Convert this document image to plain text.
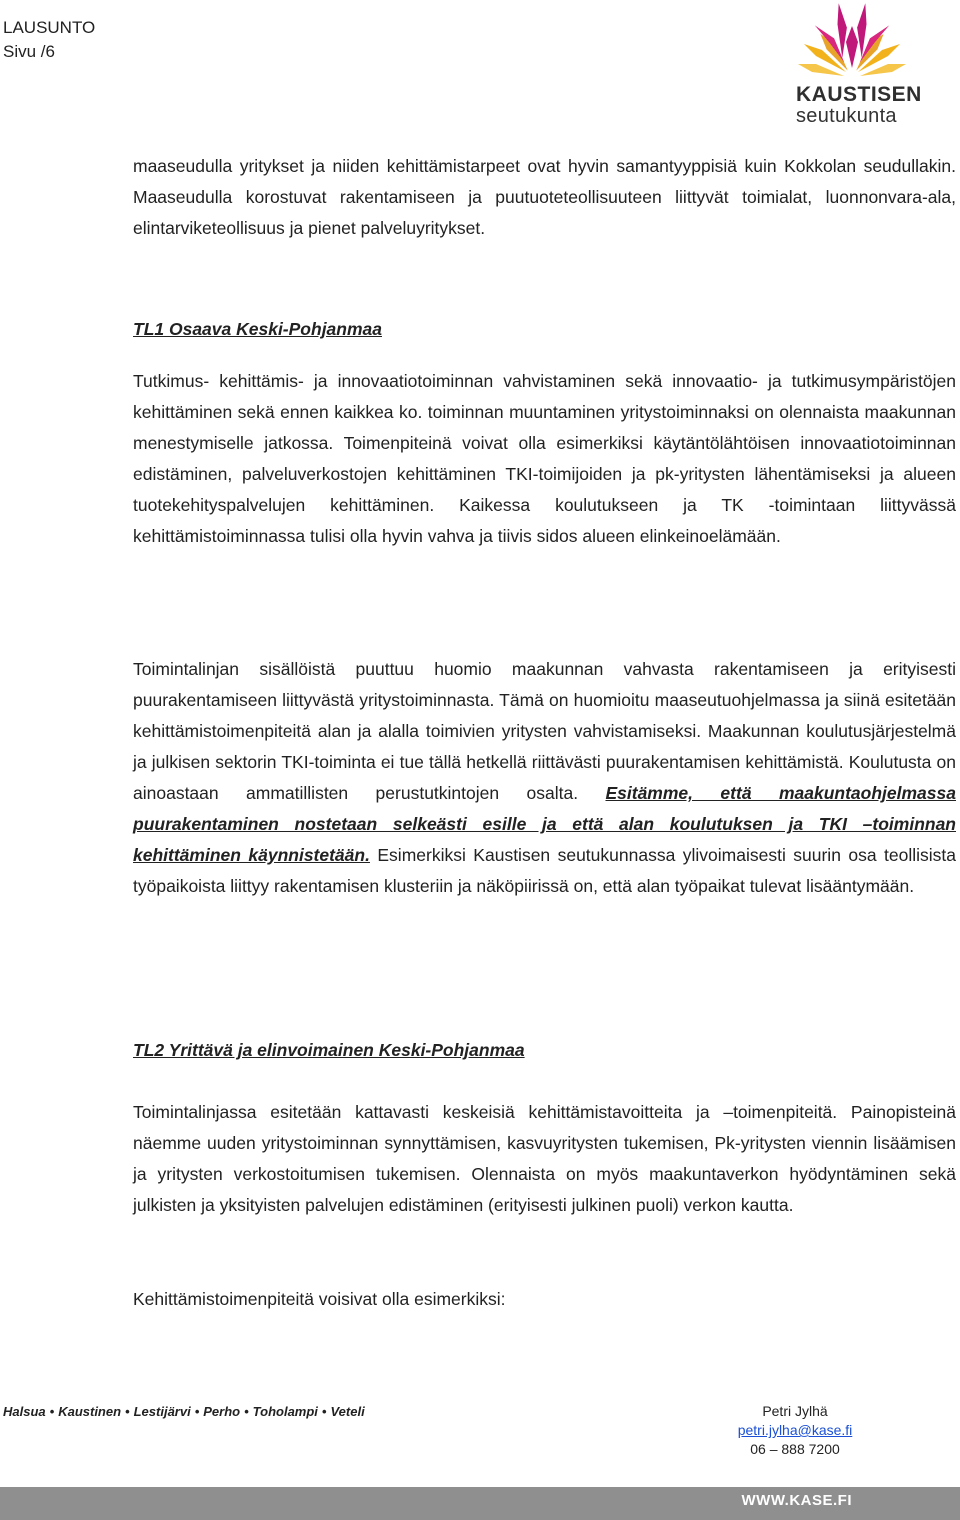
LAUSUNTO
Sivu /6
KAUSTISEN
seutukunta

maaseudulla yritykset ja niiden kehittämistarpeet ovat hyvin samantyyppisiä kuin Kokkolan seudullakin. Maaseudulla korostuvat rakentamiseen ja puutuoteteollisuuteen liittyvät toimialat, luonnonvara-ala, elintarviketeollisuus ja pienet palveluyritykset.

TL1 Osaava Keski-Pohjanmaa

Tutkimus- kehittämis- ja innovaatiotoiminnan vahvistaminen sekä innovaatio- ja tutkimusympäristöjen kehittäminen sekä ennen kaikkea ko. toiminnan muuntaminen yritystoiminnaksi on olennaista maakunnan menestymiselle jatkossa. Toimenpiteinä voivat olla esimerkiksi käytäntölähtöisen innovaatiotoiminnan edistäminen, palveluverkostojen kehittäminen TKI-toimijoiden ja pk-yritysten lähentämiseksi ja alueen tuotekehityspalvelujen kehittäminen. Kaikessa koulutukseen ja TK -toimintaan liittyvässä kehittämistoiminnassa tulisi olla hyvin vahva ja tiivis sidos alueen elinkeinoelämään.

Toimintalinjan sisällöistä puuttuu huomio maakunnan vahvasta rakentamiseen ja erityisesti puurakentamiseen liittyvästä yritystoiminnasta. Tämä on huomioitu maaseutuohjelmassa ja siinä esitetään kehittämistoimenpiteitä alan ja alalla toimivien yritysten vahvistamiseksi. Maakunnan koulutusjärjestelmä ja julkisen sektorin TKI-toiminta ei tue tällä hetkellä riittävästi puurakentamisen kehittämistä. Koulutusta on ainoastaan ammatillisten perustutkintojen osalta. Esitämme, että maakuntaohjelmassa puurakentaminen nostetaan selkeästi esille ja että alan koulutuksen ja TKI –toiminnan kehittäminen käynnistetään. Esimerkiksi Kaustisen seutukunnassa ylivoimaisesti suurin osa teollisista työpaikoista liittyy rakentamisen klusteriin ja näköpiirissä on, että alan työpaikat tulevat lisääntymään.

TL2 Yrittävä ja elinvoimainen Keski-Pohjanmaa

Toimintalinjassa esitetään kattavasti keskeisiä kehittämistavoitteita ja –toimenpiteitä. Painopisteinä näemme uuden yritystoiminnan synnyttämisen, kasvuyritysten tukemisen, Pk-yritysten viennin lisäämisen ja yritysten verkostoitumisen tukemisen. Olennaista on myös maakuntaverkon hyödyntäminen sekä julkisten ja yksityisten palvelujen edistäminen (erityisesti julkinen puoli) verkon kautta.

Kehittämistoimenpiteitä voisivat olla esimerkiksi:

Halsua • Kaustinen • Lestijärvi • Perho • Toholampi • Veteli	Petri Jylhä
petri.jylha@kase.fi
06 – 888 7200
WWW.KASE.FI
